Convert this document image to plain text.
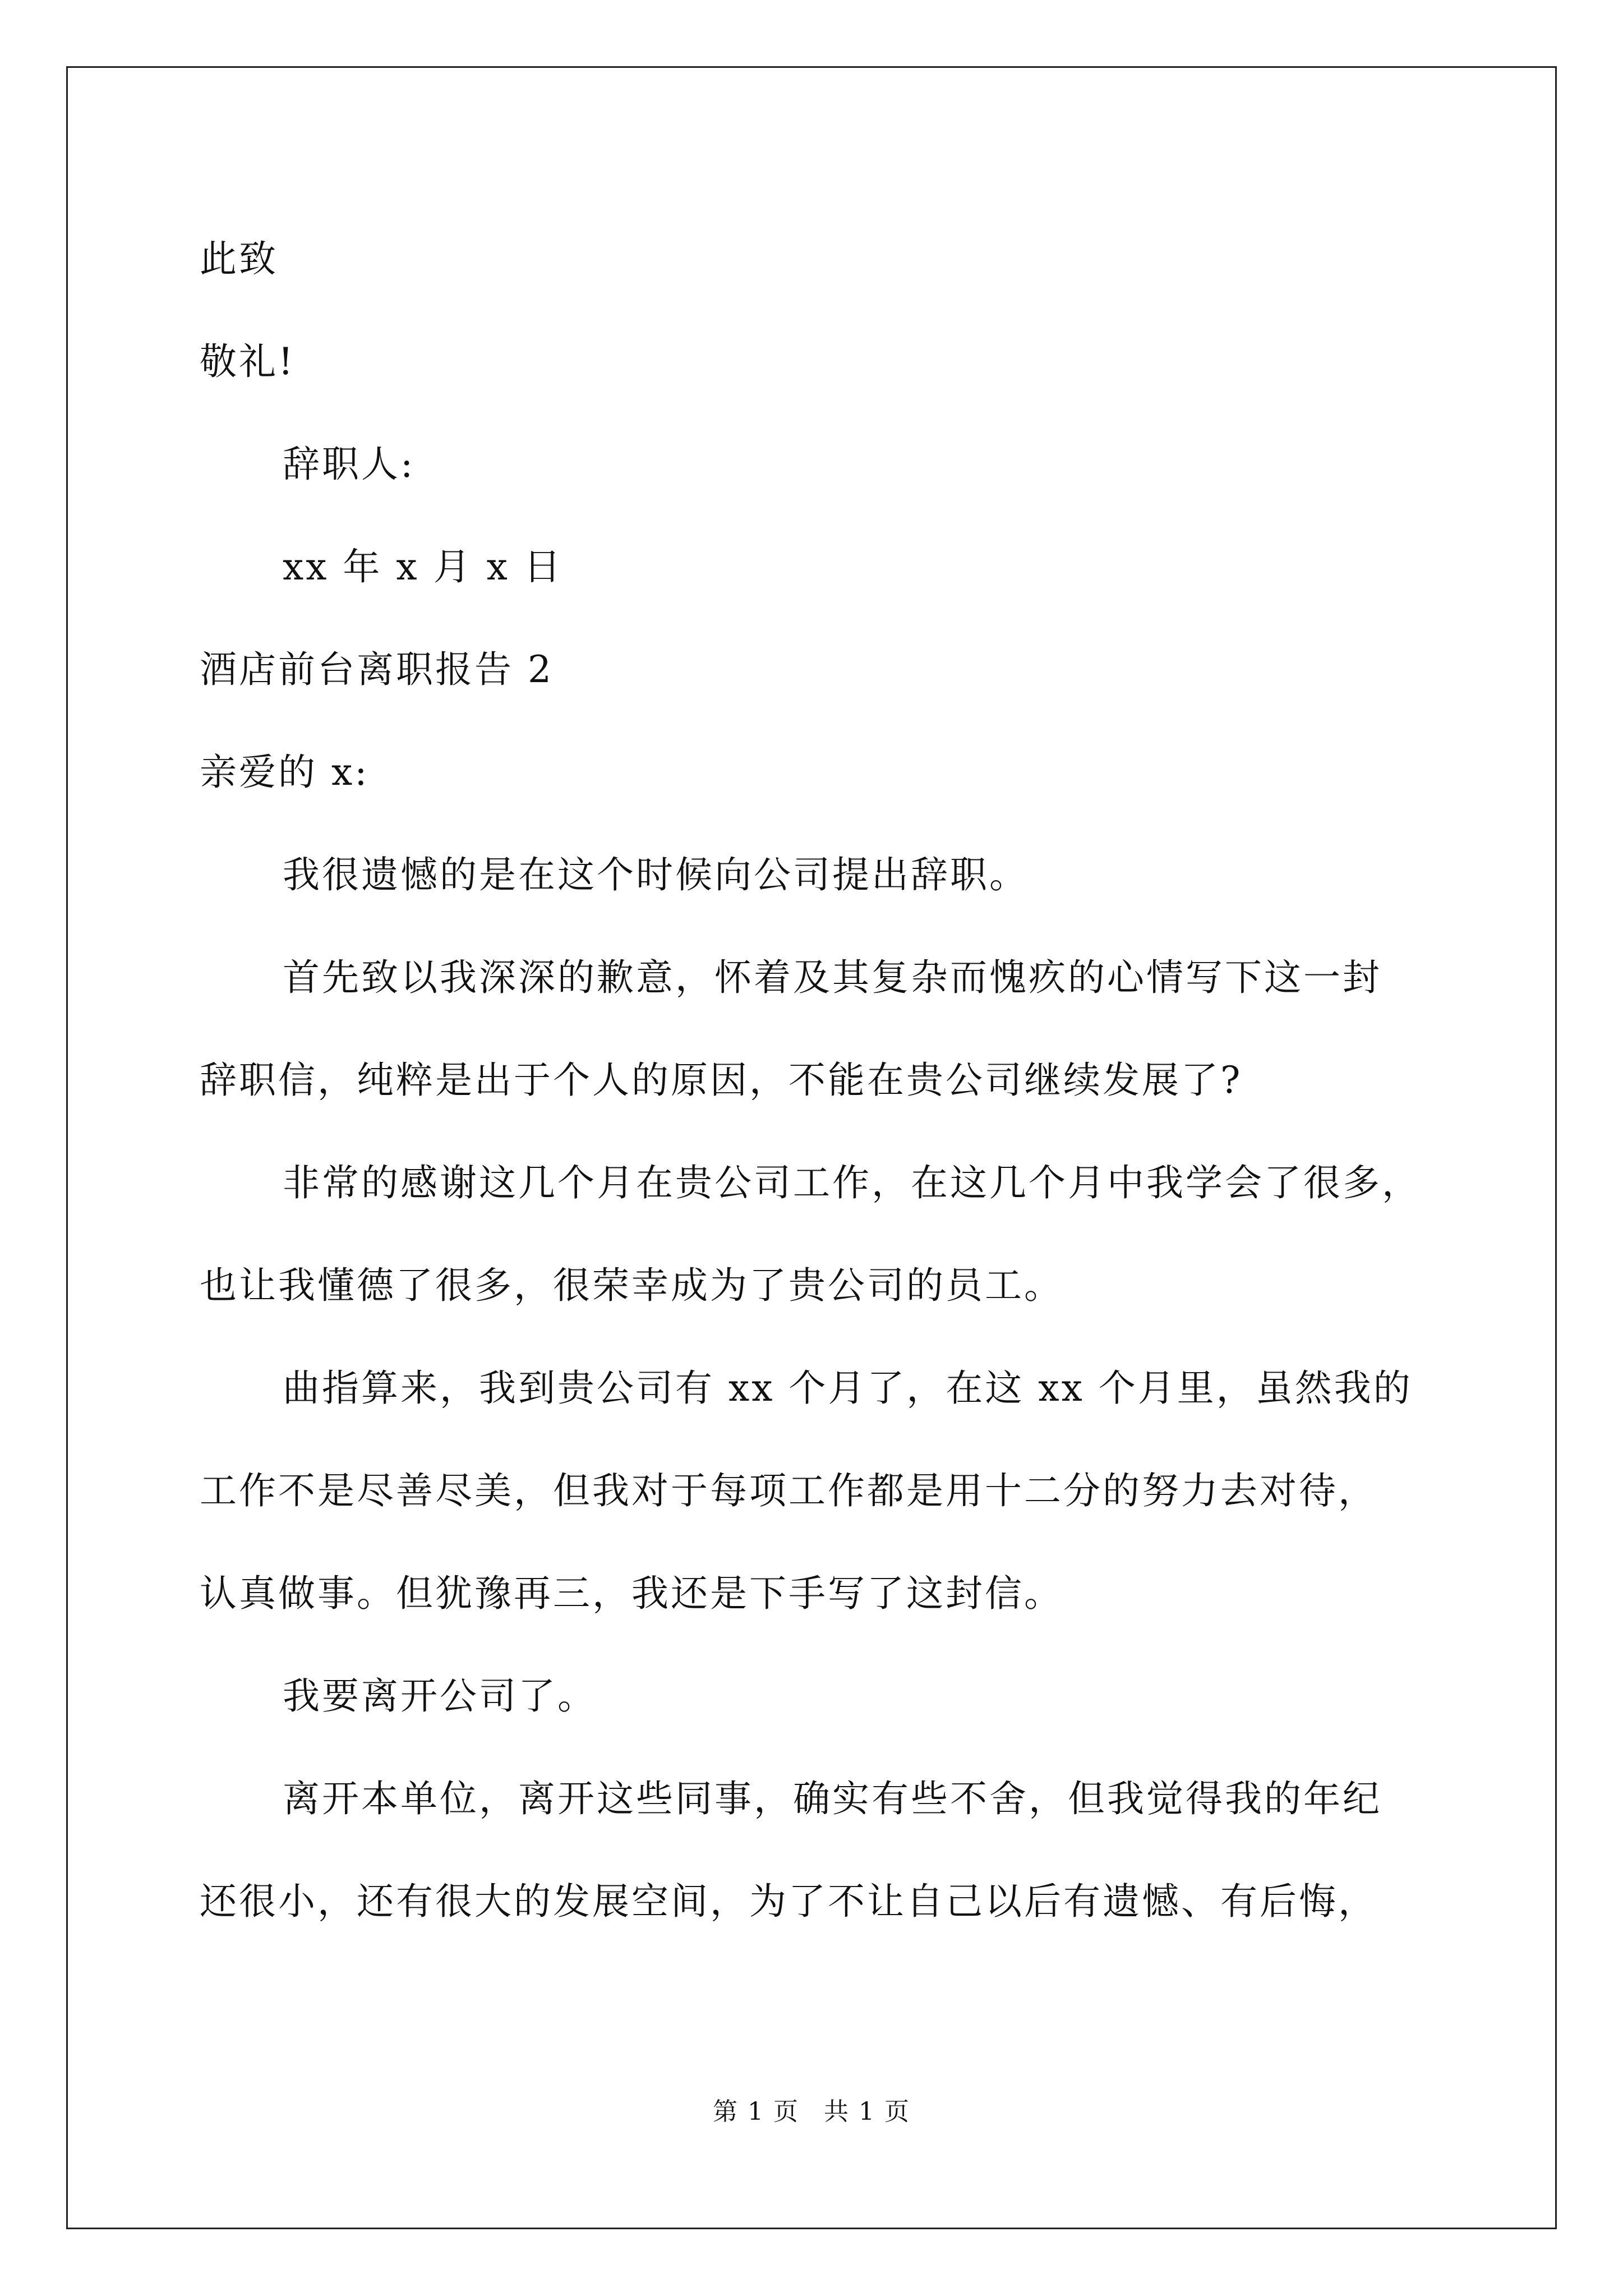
此致
敬礼!
辞职人:
xx 年 x 月 x 日
酒店前台离职报告 2
亲爱的 x:
我很遗憾的是在这个时候向公司提出辞职。
首先致以我深深的歉意，怀着及其复杂而愧疚的心情写下这一封
辞职信，纯粹是出于个人的原因，不能在贵公司继续发展了?
非常的感谢这几个月在贵公司工作，在这几个月中我学会了很多，
也让我懂德了很多，很荣幸成为了贵公司的员工。
曲指算来，我到贵公司有 xx 个月了，在这 xx 个月里，虽然我的
工作不是尽善尽美，但我对于每项工作都是用十二分的努力去对待，
认真做事。但犹豫再三，我还是下手写了这封信。
我要离开公司了。
离开本单位，离开这些同事，确实有些不舍，但我觉得我的年纪
还很小，还有很大的发展空间，为了不让自己以后有遗憾、有后悔，
第 1 页 共 1 页
